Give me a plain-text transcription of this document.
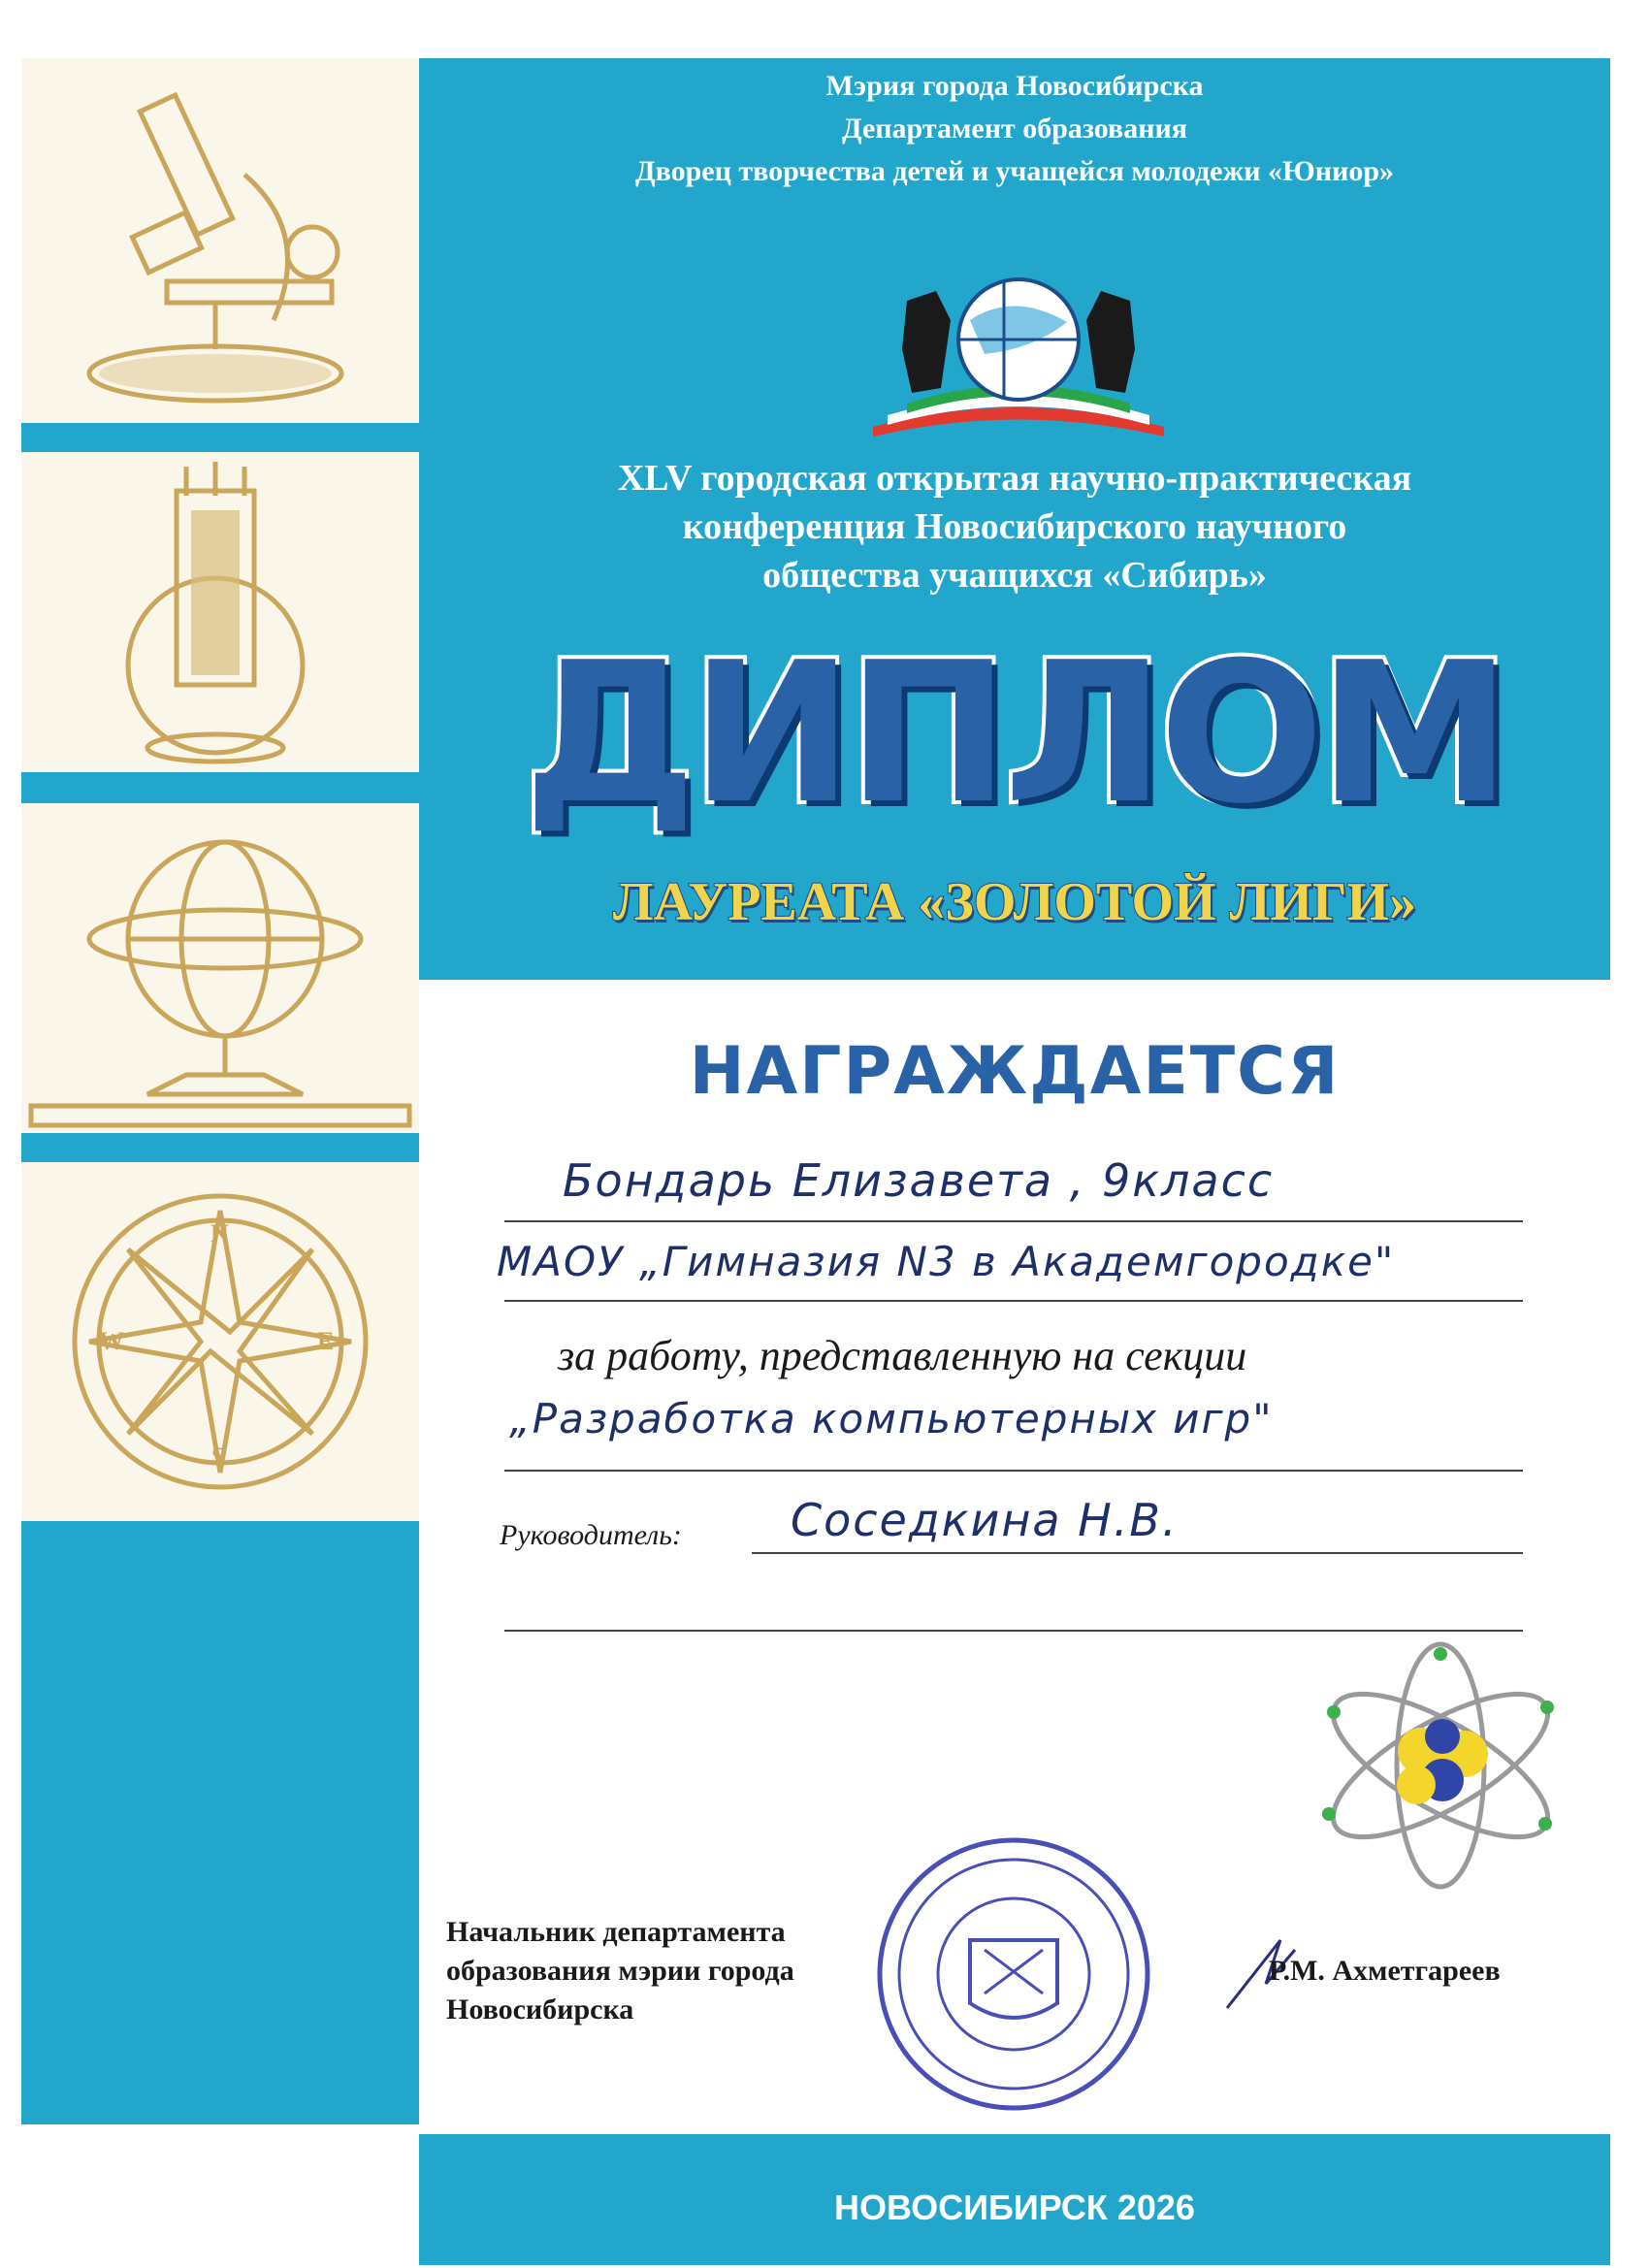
N
S
E
W
Мэрия города Новосибирска
Департамент образования
Дворец творчества детей и учащейся молодежи «Юниор»
XLV городская открытая научно-практическая
конференция Новосибирского научного
общества учащихся «Сибирь»
ДИПЛОМ
ЛАУРЕАТА «ЗОЛОТОЙ ЛИГИ»
НАГРАЖДАЕТСЯ
Бондарь Елизавета , 9класс
МАОУ „Гимназия N3 в Академгородке"
за работу, представленную на секции
„Разработка компьютерных игр"
Руководитель: Соседкина Н.В.
Начальник департамента
образования мэрии города
Новосибирска
Р.М. Ахметгареев
НОВОСИБИРСК 2026
